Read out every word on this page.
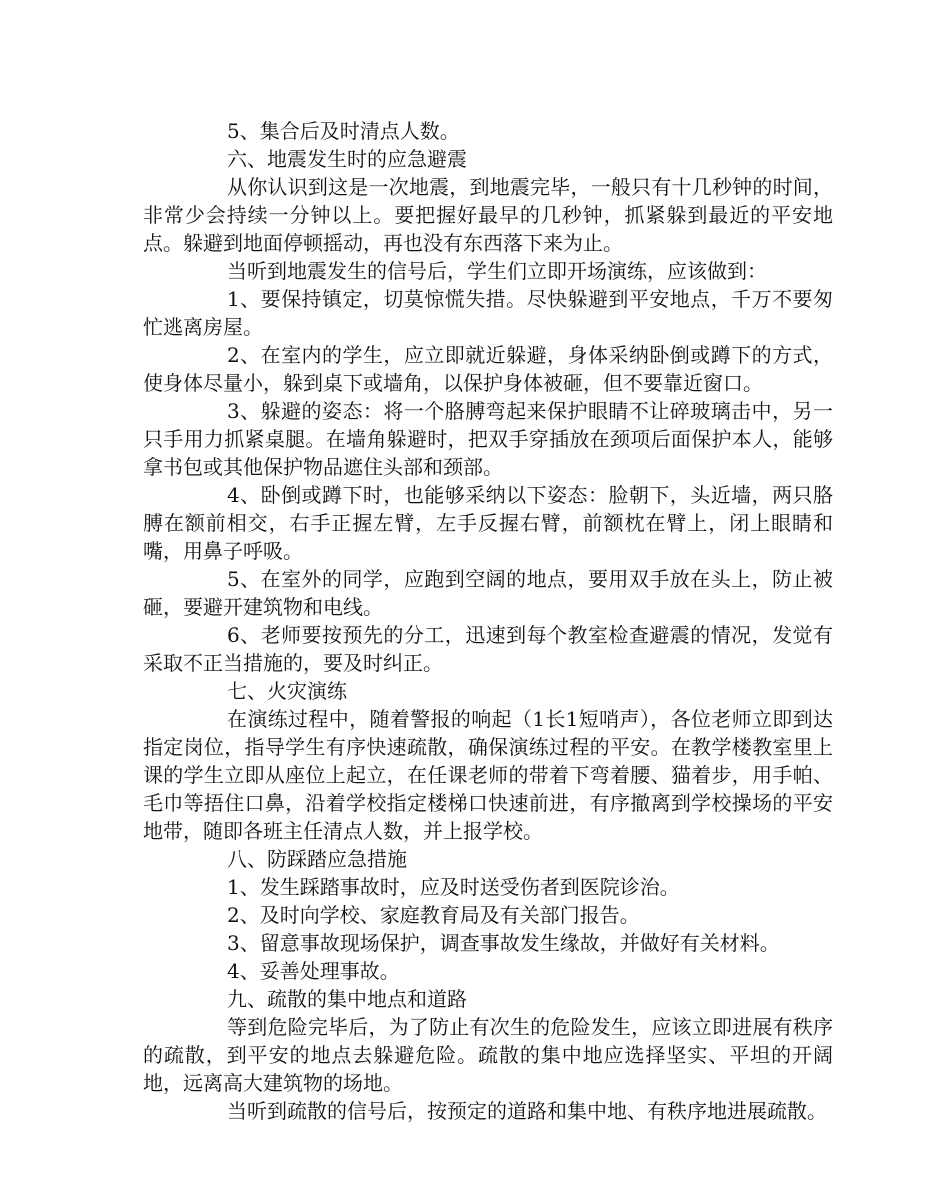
5、集合后及时清点人数。

六、地震发生时的应急避震

从你认识到这是一次地震，到地震完毕，一般只有十几秒钟的时间，非常少会持续一分钟以上。要把握好最早的几秒钟，抓紧躲到最近的平安地点。躲避到地面停顿摇动，再也没有东西落下来为止。

当听到地震发生的信号后，学生们立即开场演练，应该做到：

1、要保持镇定，切莫惊慌失措。尽快躲避到平安地点，千万不要匆忙逃离房屋。

2、在室内的学生，应立即就近躲避，身体采纳卧倒或蹲下的方式，使身体尽量小，躲到桌下或墙角，以保护身体被砸，但不要靠近窗口。

3、躲避的姿态：将一个胳膊弯起来保护眼睛不让碎玻璃击中，另一只手用力抓紧桌腿。在墙角躲避时，把双手穿插放在颈项后面保护本人，能够拿书包或其他保护物品遮住头部和颈部。

4、卧倒或蹲下时，也能够采纳以下姿态：脸朝下，头近墙，两只胳膊在额前相交，右手正握左臂，左手反握右臂，前额枕在臂上，闭上眼睛和嘴，用鼻子呼吸。

5、在室外的同学，应跑到空阔的地点，要用双手放在头上，防止被砸，要避开建筑物和电线。

6、老师要按预先的分工，迅速到每个教室检查避震的情况，发觉有采取不正当措施的，要及时纠正。

七、火灾演练

在演练过程中，随着警报的响起（1长1短哨声），各位老师立即到达指定岗位，指导学生有序快速疏散，确保演练过程的平安。在教学楼教室里上课的学生立即从座位上起立，在任课老师的带着下弯着腰、猫着步，用手帕、毛巾等捂住口鼻，沿着学校指定楼梯口快速前进，有序撤离到学校操场的平安地带，随即各班主任清点人数，并上报学校。

八、防踩踏应急措施

1、发生踩踏事故时，应及时送受伤者到医院诊治。

2、及时向学校、家庭教育局及有关部门报告。

3、留意事故现场保护，调查事故发生缘故，并做好有关材料。

4、妥善处理事故。

九、疏散的集中地点和道路

等到危险完毕后，为了防止有次生的危险发生，应该立即进展有秩序的疏散，到平安的地点去躲避危险。疏散的集中地应选择坚实、平坦的开阔地，远离高大建筑物的场地。

当听到疏散的信号后，按预定的道路和集中地、有秩序地进展疏散。
